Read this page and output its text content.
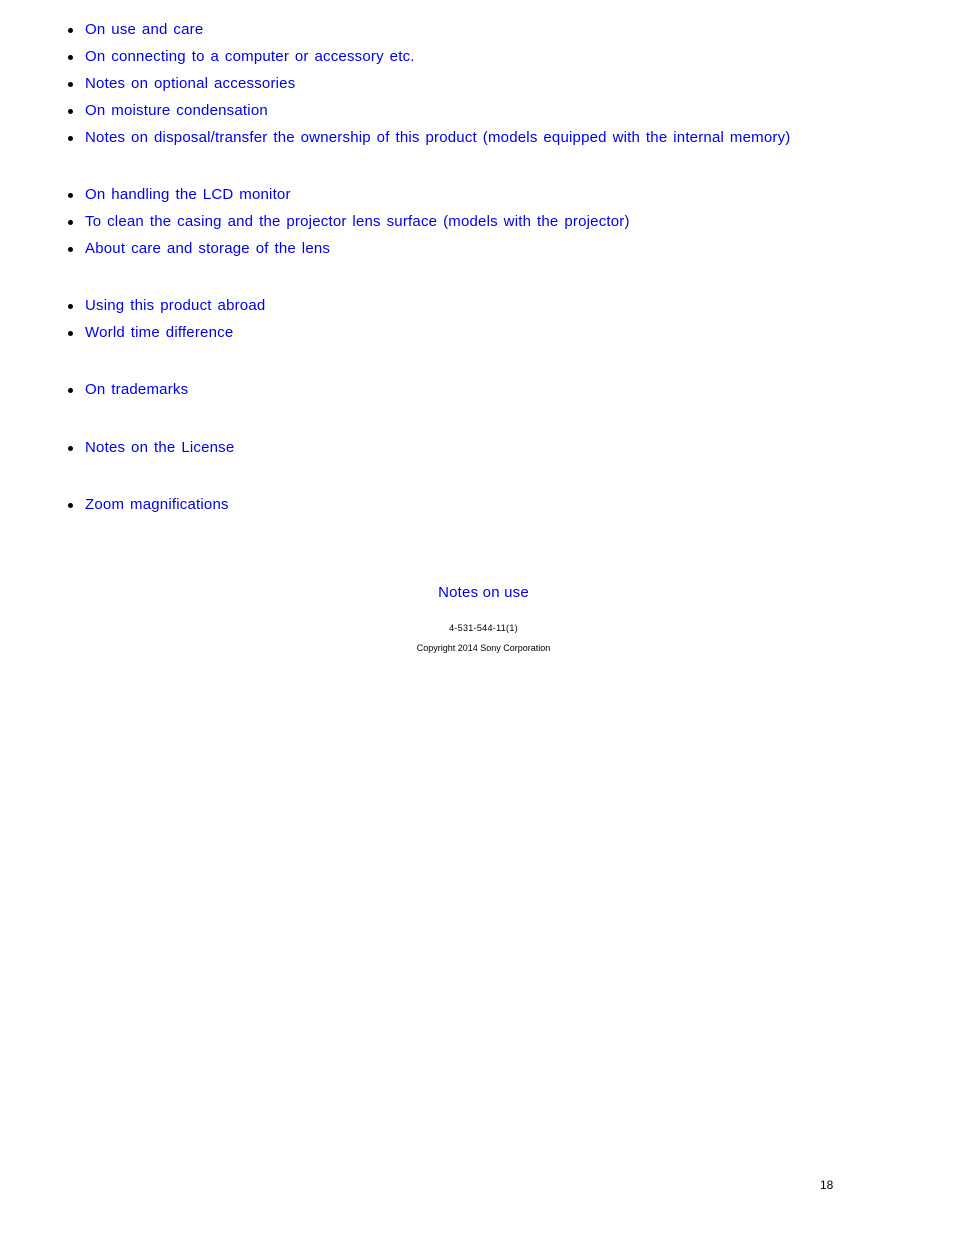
On use and care
On connecting to a computer or accessory etc.
Notes on optional accessories
On moisture condensation
Notes on disposal/transfer the ownership of this product (models equipped with the internal memory)
On handling the LCD monitor
To clean the casing and the projector lens surface (models with the projector)
About care and storage of the lens
Using this product abroad
World time difference
On trademarks
Notes on the License
Zoom magnifications
Notes on use
4-531-544-11(1)
Copyright 2014 Sony Corporation
18
